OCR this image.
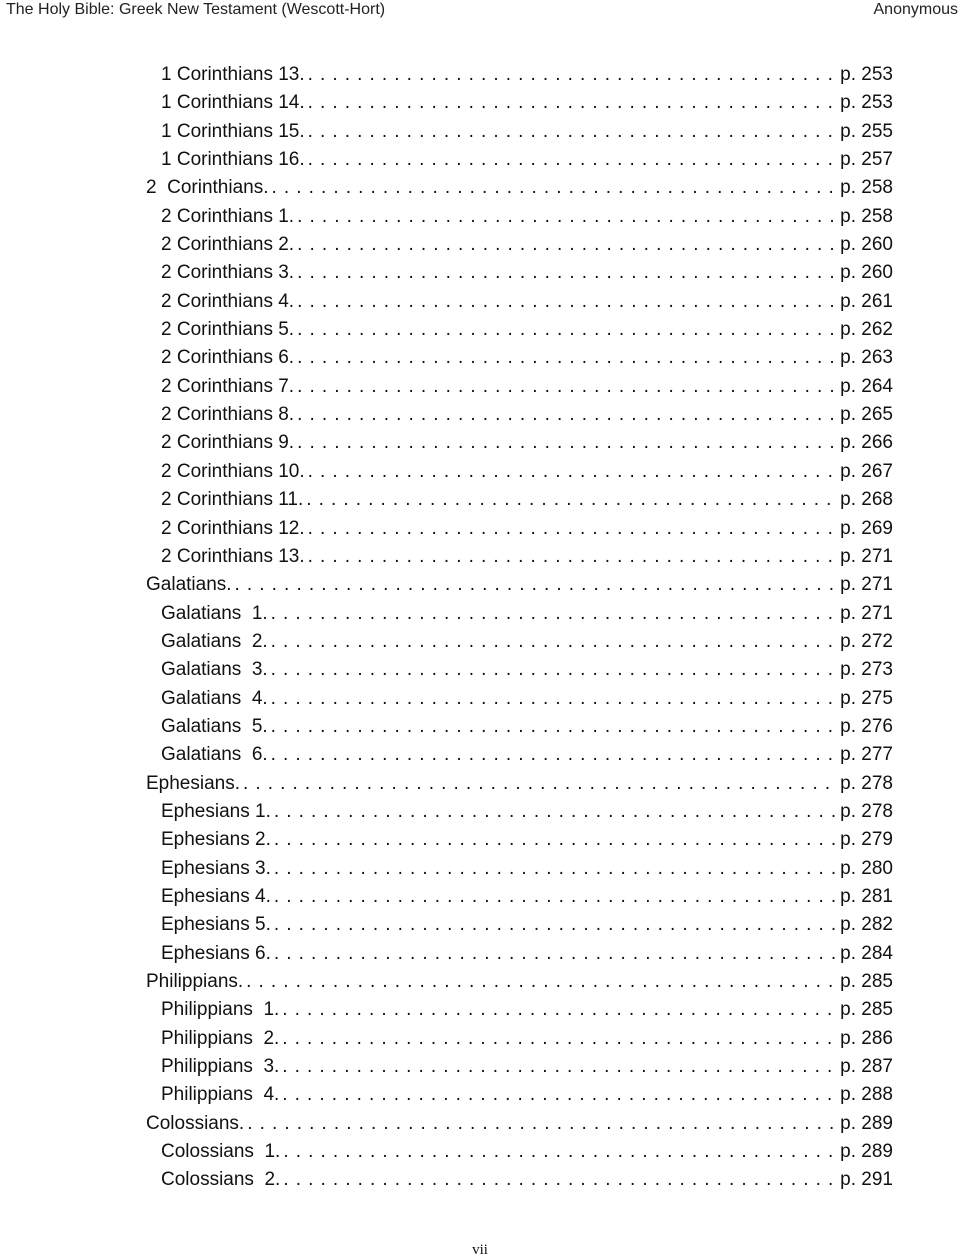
The Holy Bible: Greek New Testament (Wescott-Hort)	Anonymous
1 Corinthians 13. .....	p. 253
1 Corinthians 14. .....	p. 253
1 Corinthians 15. .....	p. 255
1 Corinthians 16. .....	p. 257
2  Corinthians. .....	p. 258
2 Corinthians 1. .....	p. 258
2 Corinthians 2. .....	p. 260
2 Corinthians 3. .....	p. 260
2 Corinthians 4. .....	p. 261
2 Corinthians 5. .....	p. 262
2 Corinthians 6. .....	p. 263
2 Corinthians 7. .....	p. 264
2 Corinthians 8. .....	p. 265
2 Corinthians 9. .....	p. 266
2 Corinthians 10. .....	p. 267
2 Corinthians 11. .....	p. 268
2 Corinthians 12. .....	p. 269
2 Corinthians 13. .....	p. 271
Galatians. .....	p. 271
Galatians  1. .....	p. 271
Galatians  2. .....	p. 272
Galatians  3. .....	p. 273
Galatians  4. .....	p. 275
Galatians  5. .....	p. 276
Galatians  6. .....	p. 277
Ephesians. .....	p. 278
Ephesians 1. .....	p. 278
Ephesians 2. .....	p. 279
Ephesians 3. .....	p. 280
Ephesians 4. .....	p. 281
Ephesians 5. .....	p. 282
Ephesians 6. .....	p. 284
Philippians. .....	p. 285
Philippians  1. .....	p. 285
Philippians  2. .....	p. 286
Philippians  3. .....	p. 287
Philippians  4. .....	p. 288
Colossians. .....	p. 289
Colossians  1. .....	p. 289
Colossians  2. .....	p. 291
vii
